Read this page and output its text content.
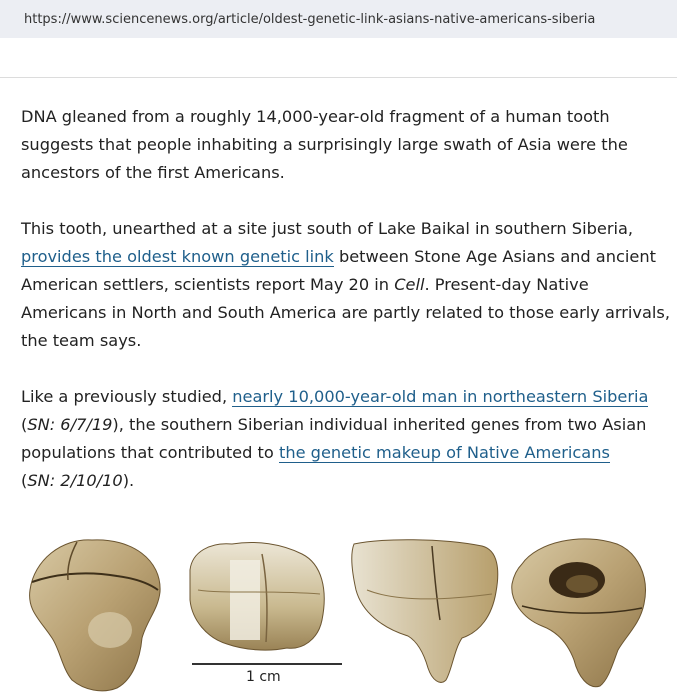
https://www.sciencenews.org/article/oldest-genetic-link-asians-native-americans-siberia

DNA gleaned from a roughly 14,000-year-old fragment of a human tooth suggests that people inhabiting a surprisingly large swath of Asia were the ancestors of the first Americans.

This tooth, unearthed at a site just south of Lake Baikal in southern Siberia, provides the oldest known genetic link between Stone Age Asians and ancient American settlers, scientists report May 20 in Cell. Present-day Native Americans in North and South America are partly related to those early arrivals, the team says.

Like a previously studied, nearly 10,000-year-old man in northeastern Siberia
(SN: 6/7/19), the southern Siberian individual inherited genes from two Asian populations that contributed to the genetic makeup of Native Americans
(SN: 2/10/10).

1 cm
